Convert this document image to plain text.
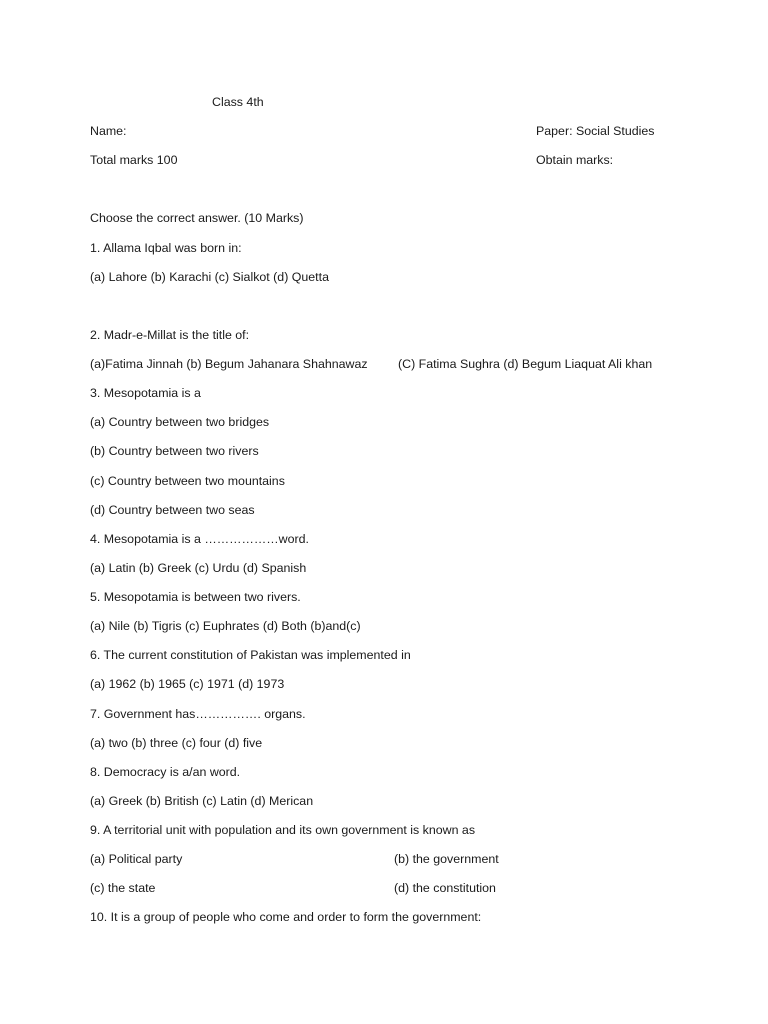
Class 4th
Name:	Paper: Social Studies
Total marks 100	Obtain marks:
Choose the correct answer. (10 Marks)
1. Allama Iqbal was born in:
(a) Lahore (b) Karachi (c) Sialkot (d) Quetta
2. Madr-e-Millat is the title of:
(a)Fatima Jinnah (b) Begum Jahanara Shahnawaz (C) Fatima Sughra (d) Begum Liaquat Ali khan
3. Mesopotamia is a
(a) Country between two bridges
(b) Country between two rivers
(c) Country between two mountains
(d) Country between two seas
4. Mesopotamia is a ………………word.
(a) Latin (b) Greek (c) Urdu (d) Spanish
5. Mesopotamia is between two rivers.
(a) Nile (b) Tigris (c) Euphrates (d) Both (b)and(c)
6. The current constitution of Pakistan was implemented in
(a) 1962 (b) 1965 (c) 1971 (d) 1973
7. Government has……………. organs.
(a) two (b) three (c) four (d) five
8. Democracy is a/an word.
(a) Greek (b) British (c) Latin (d) Merican
9. A territorial unit with population and its own government is known as
(a) Political party	(b) the government
(c) the state	(d) the constitution
10. It is a group of people who come and order to form the government:
